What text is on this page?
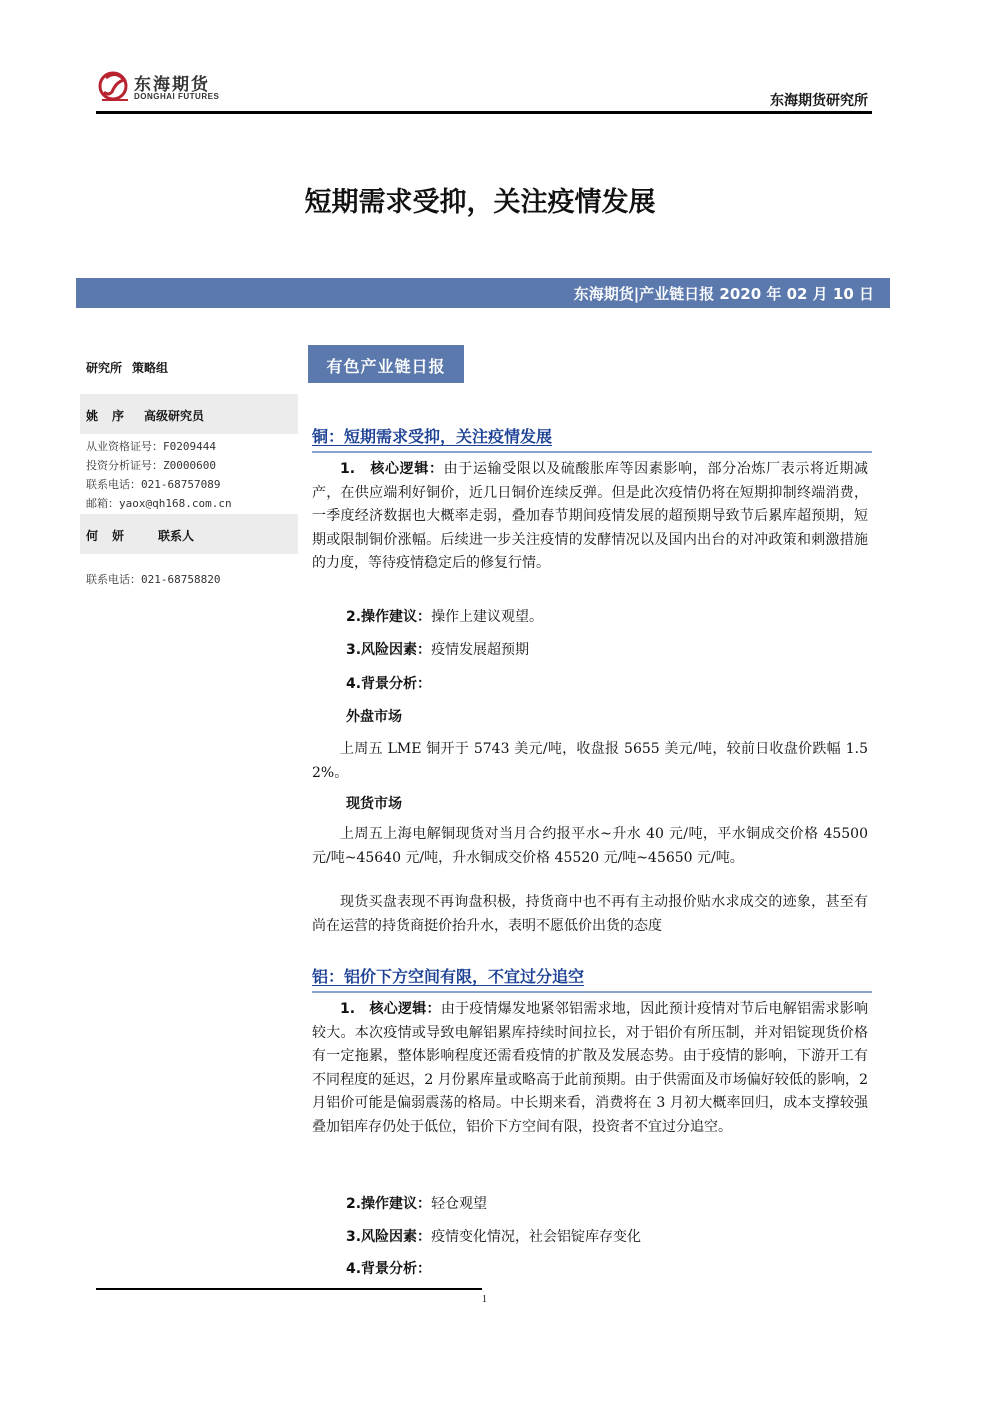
东海期货
DONGHAI FUTURES	东海期货研究所
短期需求受抑，关注疫情发展
东海期货|产业链日报 2020 年 02 月 10 日
研究所 策略组
姚序 高级研究员
从业资格证号：F0209444
投资分析证号：Z0000600
联系电话：021-68757089
邮箱：yaox@qh168.com.cn
何妍 联系人
联系电话：021-68758820
有色产业链日报
铜：短期需求受抑，关注疫情发展
1.　核心逻辑：由于运输受限以及硫酸胀库等因素影响，部分冶炼厂表示将近期减产，在供应端利好铜价，近几日铜价连续反弹。但是此次疫情仍将在短期抑制终端消费，一季度经济数据也大概率走弱，叠加春节期间疫情发展的超预期导致节后累库超预期，短期或限制铜价涨幅。后续进一步关注疫情的发酵情况以及国内出台的对冲政策和刺激措施的力度，等待疫情稳定后的修复行情。
2.操作建议：操作上建议观望。
3.风险因素：疫情发展超预期
4.背景分析：
外盘市场
上周五 LME 铜开于 5743 美元/吨，收盘报 5655 美元/吨，较前日收盘价跌幅 1.52%。
现货市场
上周五上海电解铜现货对当月合约报平水~升水 40 元/吨，平水铜成交价格 45500 元/吨~45640 元/吨，升水铜成交价格 45520 元/吨~45650 元/吨。
现货买盘表现不再询盘积极，持货商中也不再有主动报价贴水求成交的迹象，甚至有尚在运营的持货商挺价抬升水，表明不愿低价出货的态度
铝：铝价下方空间有限，不宜过分追空
1.　核心逻辑：由于疫情爆发地紧邻铝需求地，因此预计疫情对节后电解铝需求影响较大。本次疫情或导致电解铝累库持续时间拉长，对于铝价有所压制，并对铝锭现货价格有一定拖累，整体影响程度还需看疫情的扩散及发展态势。由于疫情的影响，下游开工有不同程度的延迟，2 月份累库量或略高于此前预期。由于供需面及市场偏好较低的影响，2 月铝价可能是偏弱震荡的格局。中长期来看，消费将在 3 月初大概率回归，成本支撑较强叠加铝库存仍处于低位，铝价下方空间有限，投资者不宜过分追空。
2.操作建议：轻仓观望
3.风险因素：疫情变化情况，社会铝锭库存变化
4.背景分析：
1
